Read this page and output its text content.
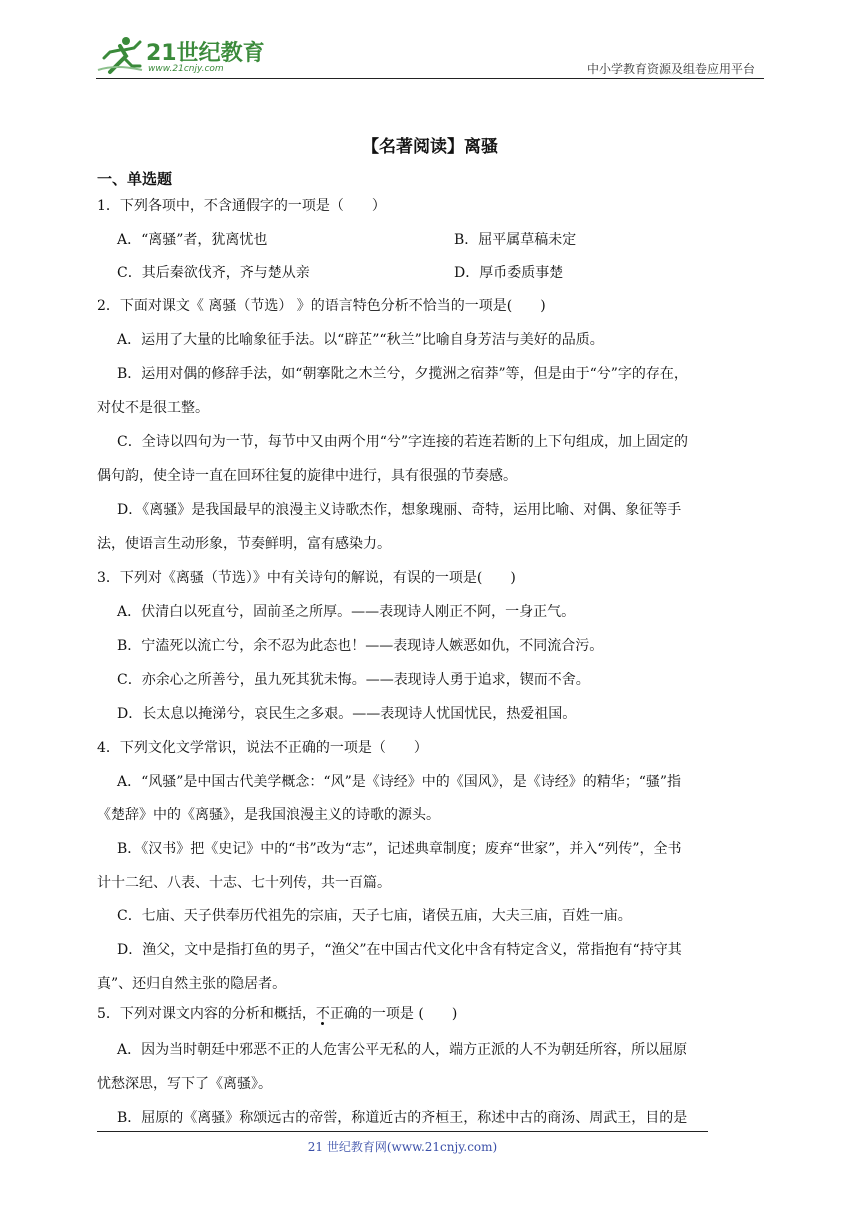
21世纪教育
www.21cnjy.com	中小学教育资源及组卷应用平台
【名著阅读】离骚
一、单选题
1．下列各项中，不含通假字的一项是（　　）
A．“离骚”者，犹离忧也	B．屈平属草稿未定
C．其后秦欲伐齐，齐与楚从亲	D．厚币委质事楚
2．下面对课文《 离骚（节选） 》的语言特色分析不恰当的一项是(　　)
A．运用了大量的比喻象征手法。以“辟芷”“秋兰”比喻自身芳洁与美好的品质。
B．运用对偶的修辞手法，如“朝搴阰之木兰兮，夕揽洲之宿莽”等，但是由于“兮”字的存在，
对仗不是很工整。
C．全诗以四句为一节，每节中又由两个用“兮”字连接的若连若断的上下句组成，加上固定的
偶句韵，使全诗一直在回环往复的旋律中进行，具有很强的节奏感。
D．《离骚》是我国最早的浪漫主义诗歌杰作，想象瑰丽、奇特，运用比喻、对偶、象征等手
法，使语言生动形象，节奏鲜明，富有感染力。
3．下列对《离骚（节选）》中有关诗句的解说，有误的一项是(　　)
A．伏清白以死直兮，固前圣之所厚。——表现诗人刚正不阿，一身正气。
B．宁溘死以流亡兮，余不忍为此态也！——表现诗人嫉恶如仇，不同流合污。
C．亦余心之所善兮，虽九死其犹未悔。——表现诗人勇于追求，锲而不舍。
D．长太息以掩涕兮，哀民生之多艰。——表现诗人忧国忧民，热爱祖国。
4．下列文化文学常识，说法不正确的一项是（　　）
A．“风骚”是中国古代美学概念：“风”是《诗经》中的《国风》，是《诗经》的精华；“骚”指
《楚辞》中的《离骚》，是我国浪漫主义的诗歌的源头。
B．《汉书》把《史记》中的“书”改为“志”，记述典章制度；废弃“世家”，并入“列传”，全书
计十二纪、八表、十志、七十列传，共一百篇。
C．七庙、天子供奉历代祖先的宗庙，天子七庙，诸侯五庙，大夫三庙，百姓一庙。
D．渔父，文中是指打鱼的男子，“渔父”在中国古代文化中含有特定含义，常指抱有“持守其
真”、还归自然主张的隐居者。
5．下列对课文内容的分析和概括，不正确的一项是 (　　)
A．因为当时朝廷中邪恶不正的人危害公平无私的人，端方正派的人不为朝廷所容，所以屈原
忧愁深思，写下了《离骚》。
B．屈原的《离骚》称颂远古的帝喾，称道近古的齐桓王，称述中古的商汤、周武王，目的是
21 世纪教育网(www.21cnjy.com)
